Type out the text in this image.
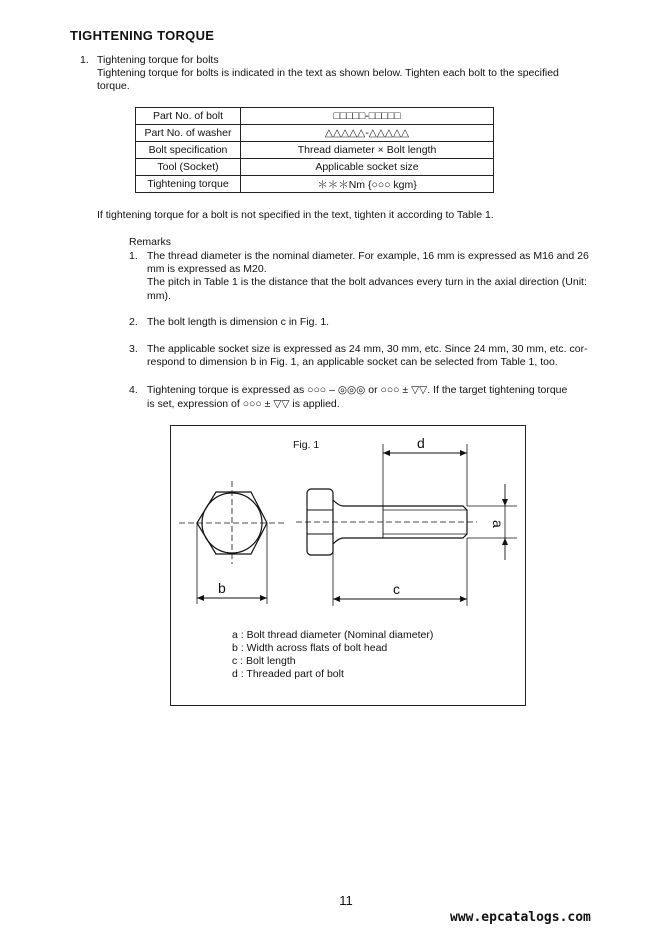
TIGHTENING TORQUE
1. Tightening torque for bolts
Tightening torque for bolts is indicated in the text as shown below. Tighten each bolt to the specified
torque.
Part No. of bolt	□□□□□-□□□□□
Part No. of washer	△△△△△-△△△△△
Bolt specification	Thread diameter × Bolt length
Tool (Socket)	Applicable socket size
Tightening torque	＊＊＊Nm {○○○ kgm}
If tightening torque for a bolt is not specified in the text, tighten it according to Table 1.
Remarks
1. The thread diameter is the nominal diameter. For example, 16 mm is expressed as M16 and 26
mm is expressed as M20.
The pitch in Table 1 is the distance that the bolt advances every turn in the axial direction (Unit:
mm).
2. The bolt length is dimension c in Fig. 1.
3. The applicable socket size is expressed as 24 mm, 30 mm, etc. Since 24 mm, 30 mm, etc. cor-
respond to dimension b in Fig. 1, an applicable socket can be selected from Table 1, too.
4. Tightening torque is expressed as ○○○ – ◎◎◎ or ○○○ ± ▽▽. If the target tightening torque
is set, expression of ○○○ ± ▽▽ is applied.
Fig. 1
b
d
c
a
a : Bolt thread diameter (Nominal diameter)
b : Width across flats of bolt head
c : Bolt length
d : Threaded part of bolt
11
www.epcatalogs.com
